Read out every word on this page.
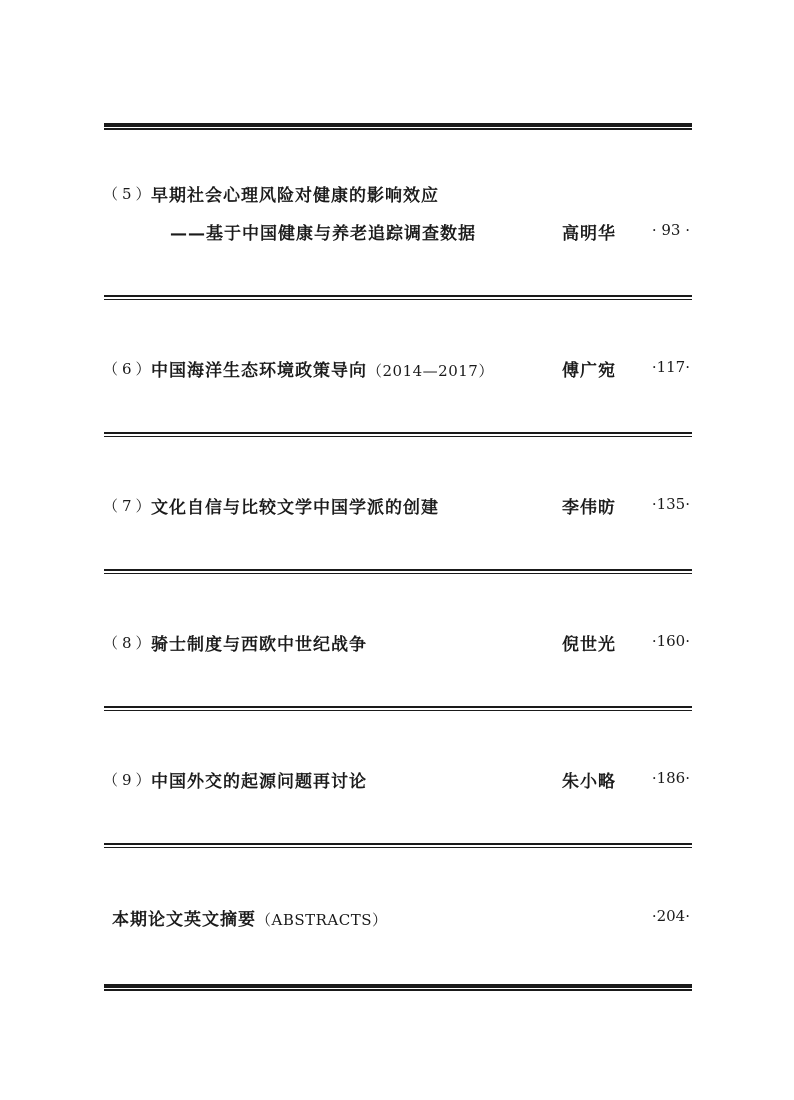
（5）
早期社会心理风险对健康的影响效应
——基于中国健康与养老追踪调查数据	高明华 · 93 ·
（6）
中国海洋生态环境政策导向（2014—2017）	傅广宛 ·117·
（7）
文化自信与比较文学中国学派的创建	李伟昉 ·135·
（8）
骑士制度与西欧中世纪战争	倪世光 ·160·
（9）
中国外交的起源问题再讨论	朱小略 ·186·
本期论文英文摘要（ABSTRACTS）	·204·
